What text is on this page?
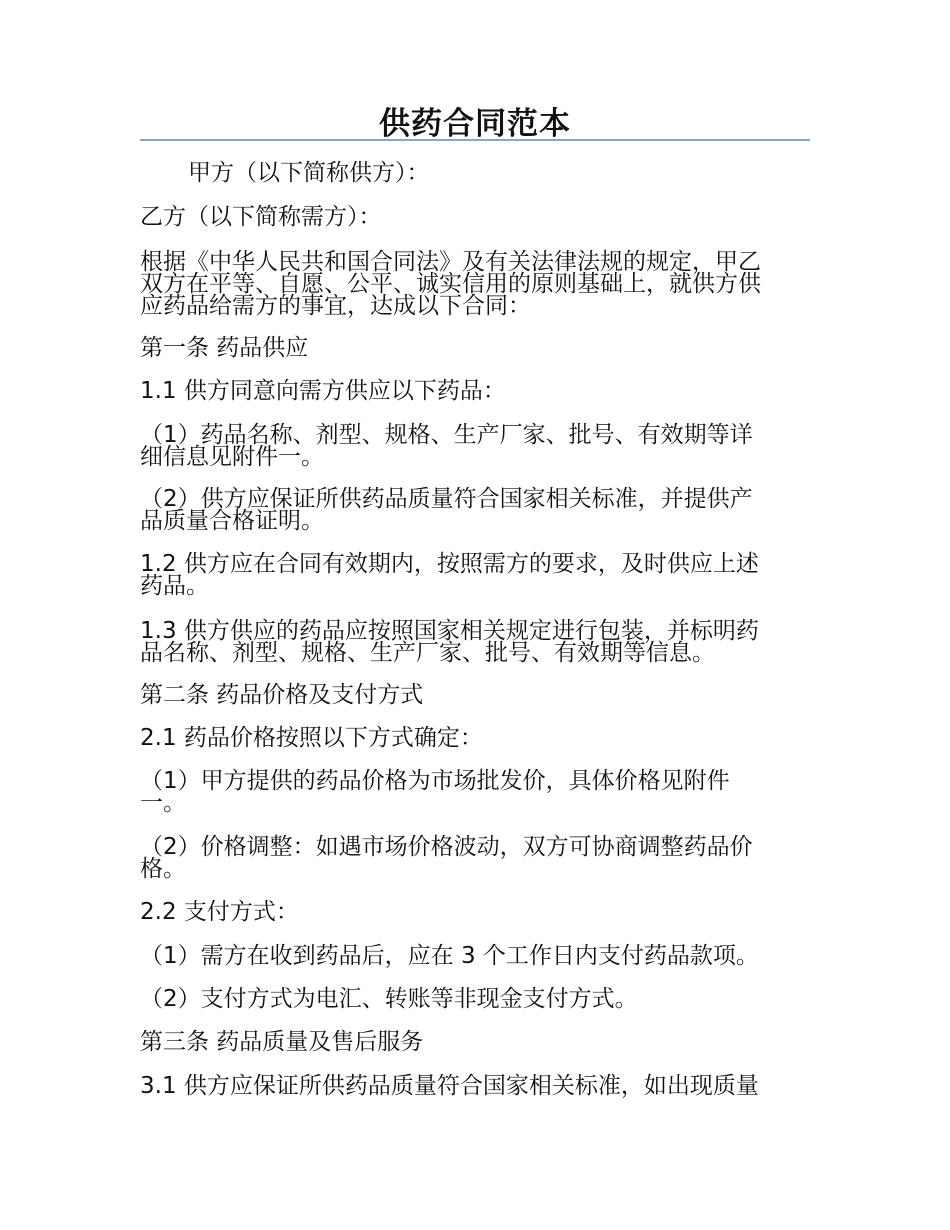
供药合同范本
甲方（以下简称供方）：
乙方（以下简称需方）：
根据《中华人民共和国合同法》及有关法律法规的规定，甲乙
双方在平等、自愿、公平、诚实信用的原则基础上，就供方供
应药品给需方的事宜，达成以下合同：
第一条 药品供应
1.1 供方同意向需方供应以下药品：
（1）药品名称、剂型、规格、生产厂家、批号、有效期等详
细信息见附件一。
（2）供方应保证所供药品质量符合国家相关标准，并提供产
品质量合格证明。
1.2 供方应在合同有效期内，按照需方的要求，及时供应上述
药品。
1.3 供方供应的药品应按照国家相关规定进行包装，并标明药
品名称、剂型、规格、生产厂家、批号、有效期等信息。
第二条 药品价格及支付方式
2.1 药品价格按照以下方式确定：
（1）甲方提供的药品价格为市场批发价，具体价格见附件
一。
（2）价格调整：如遇市场价格波动，双方可协商调整药品价
格。
2.2 支付方式：
（1）需方在收到药品后，应在 3 个工作日内支付药品款项。
（2）支付方式为电汇、转账等非现金支付方式。
第三条 药品质量及售后服务
3.1 供方应保证所供药品质量符合国家相关标准，如出现质量
